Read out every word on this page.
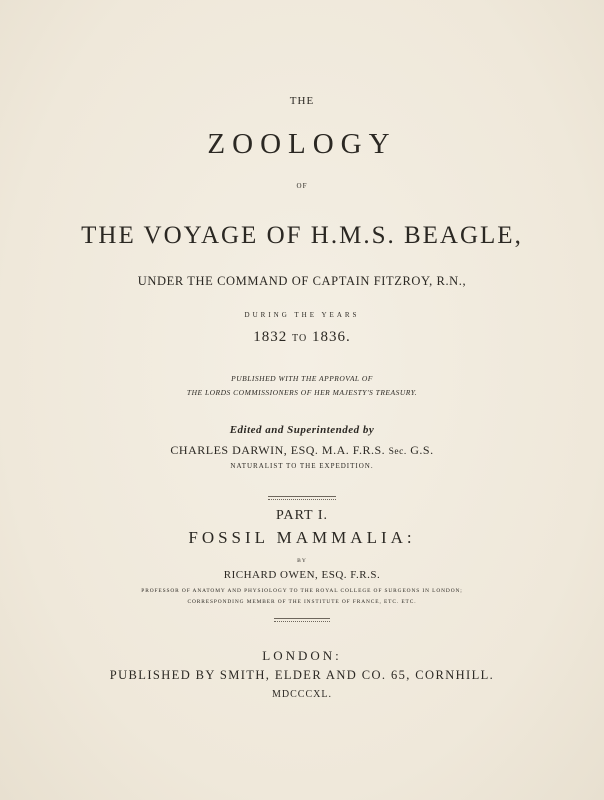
THE
ZOOLOGY
OF
THE VOYAGE OF H.M.S. BEAGLE,
UNDER THE COMMAND OF CAPTAIN FITZROY, R.N.,
DURING THE YEARS
1832 TO 1836.
PUBLISHED WITH THE APPROVAL OF
THE LORDS COMMISSIONERS OF HER MAJESTY'S TREASURY.
Edited and Superintended by
CHARLES DARWIN, ESQ. M.A. F.R.S. Sec. G.S.
NATURALIST TO THE EXPEDITION.
PART I.
FOSSIL MAMMALIA:
BY
RICHARD OWEN, ESQ. F.R.S.
PROFESSOR OF ANATOMY AND PHYSIOLOGY TO THE ROYAL COLLEGE OF SURGEONS IN LONDON;
CORRESPONDING MEMBER OF THE INSTITUTE OF FRANCE, ETC. ETC.
LONDON:
PUBLISHED BY SMITH, ELDER AND CO. 65, CORNHILL.
MDCCCXL.
